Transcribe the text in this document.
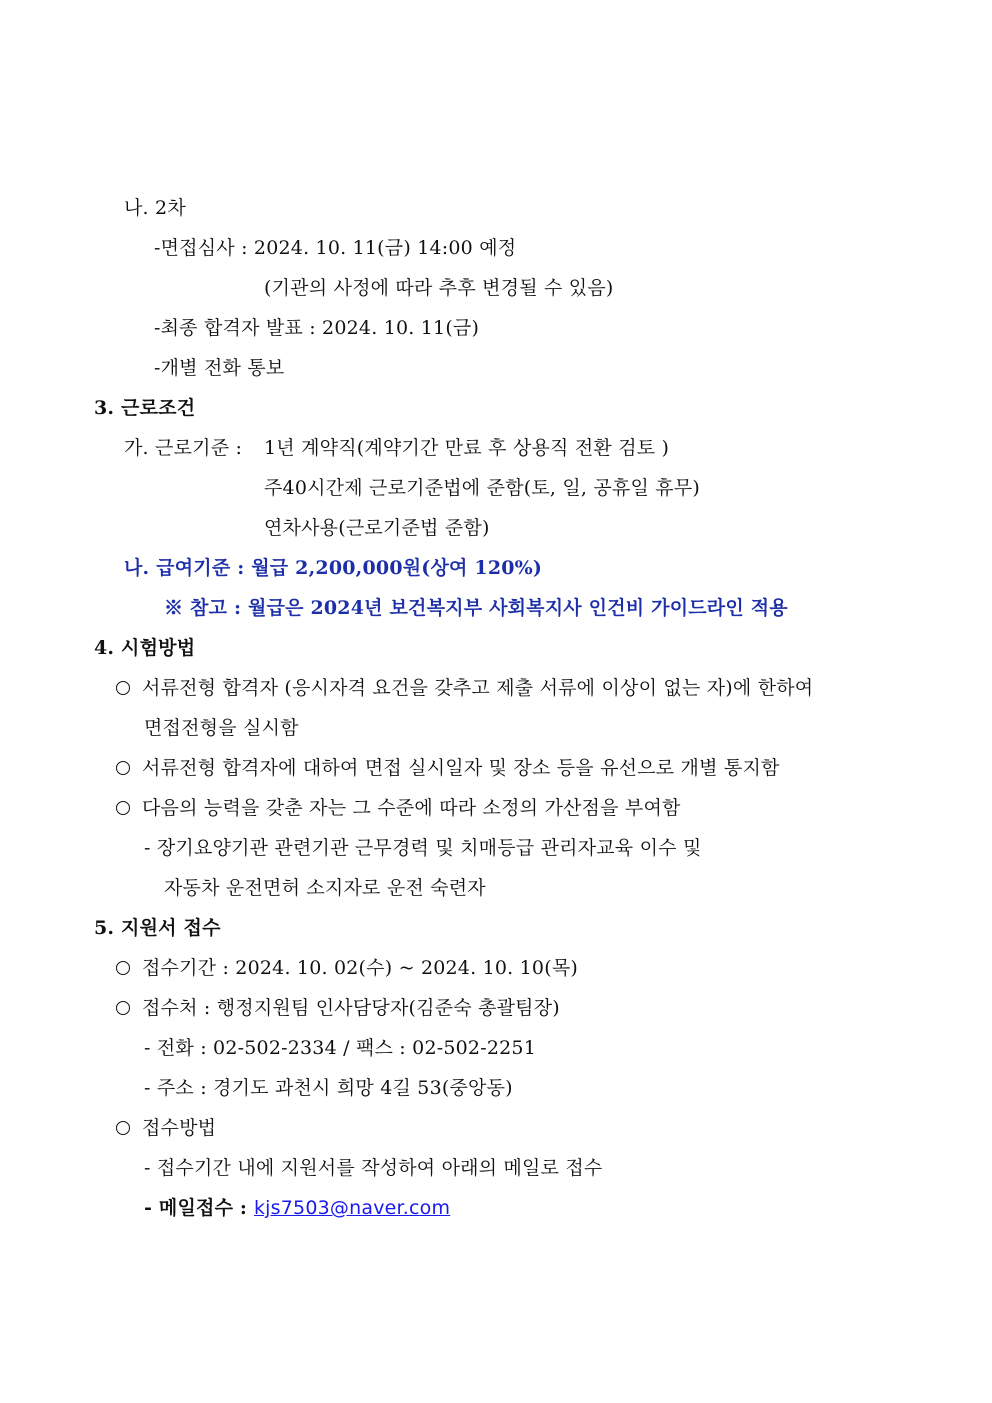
나. 2차
-면접심사 : 2024. 10. 11(금) 14:00 예정
(기관의 사정에 따라 추후 변경될 수 있음)
-최종 합격자 발표 : 2024. 10. 11(금)
-개별 전화 통보
3. 근로조건
가. 근로기준 : 1년 계약직(계약기간 만료 후 상용직 전환 검토 )
주40시간제 근로기준법에 준함(토, 일, 공휴일 휴무)
연차사용(근로기준법 준함)
나. 급여기준 : 월급 2,200,000원(상여 120%)
※ 참고 : 월급은 2024년 보건복지부 사회복지사 인건비 가이드라인 적용
4. 시험방법
서류전형 합격자 (응시자격 요건을 갖추고 제출 서류에 이상이 없는 자)에 한하여
면접전형을 실시함
서류전형 합격자에 대하여 면접 실시일자 및 장소 등을 유선으로 개별 통지함
다음의 능력을 갖춘 자는 그 수준에 따라 소정의 가산점을 부여함
- 장기요양기관 관련기관 근무경력 및 치매등급 관리자교육 이수 및
자동차 운전면허 소지자로 운전 숙련자
5. 지원서 접수
접수기간 : 2024. 10. 02(수) ~ 2024. 10. 10(목)
접수처 : 행정지원팀 인사담당자(김준숙 총괄팀장)
- 전화 : 02-502-2334 / 팩스 : 02-502-2251
- 주소 : 경기도 과천시 희망 4길 53(중앙동)
접수방법
- 접수기간 내에 지원서를 작성하여 아래의 메일로 접수
- 메일접수 : kjs7503@naver.com
